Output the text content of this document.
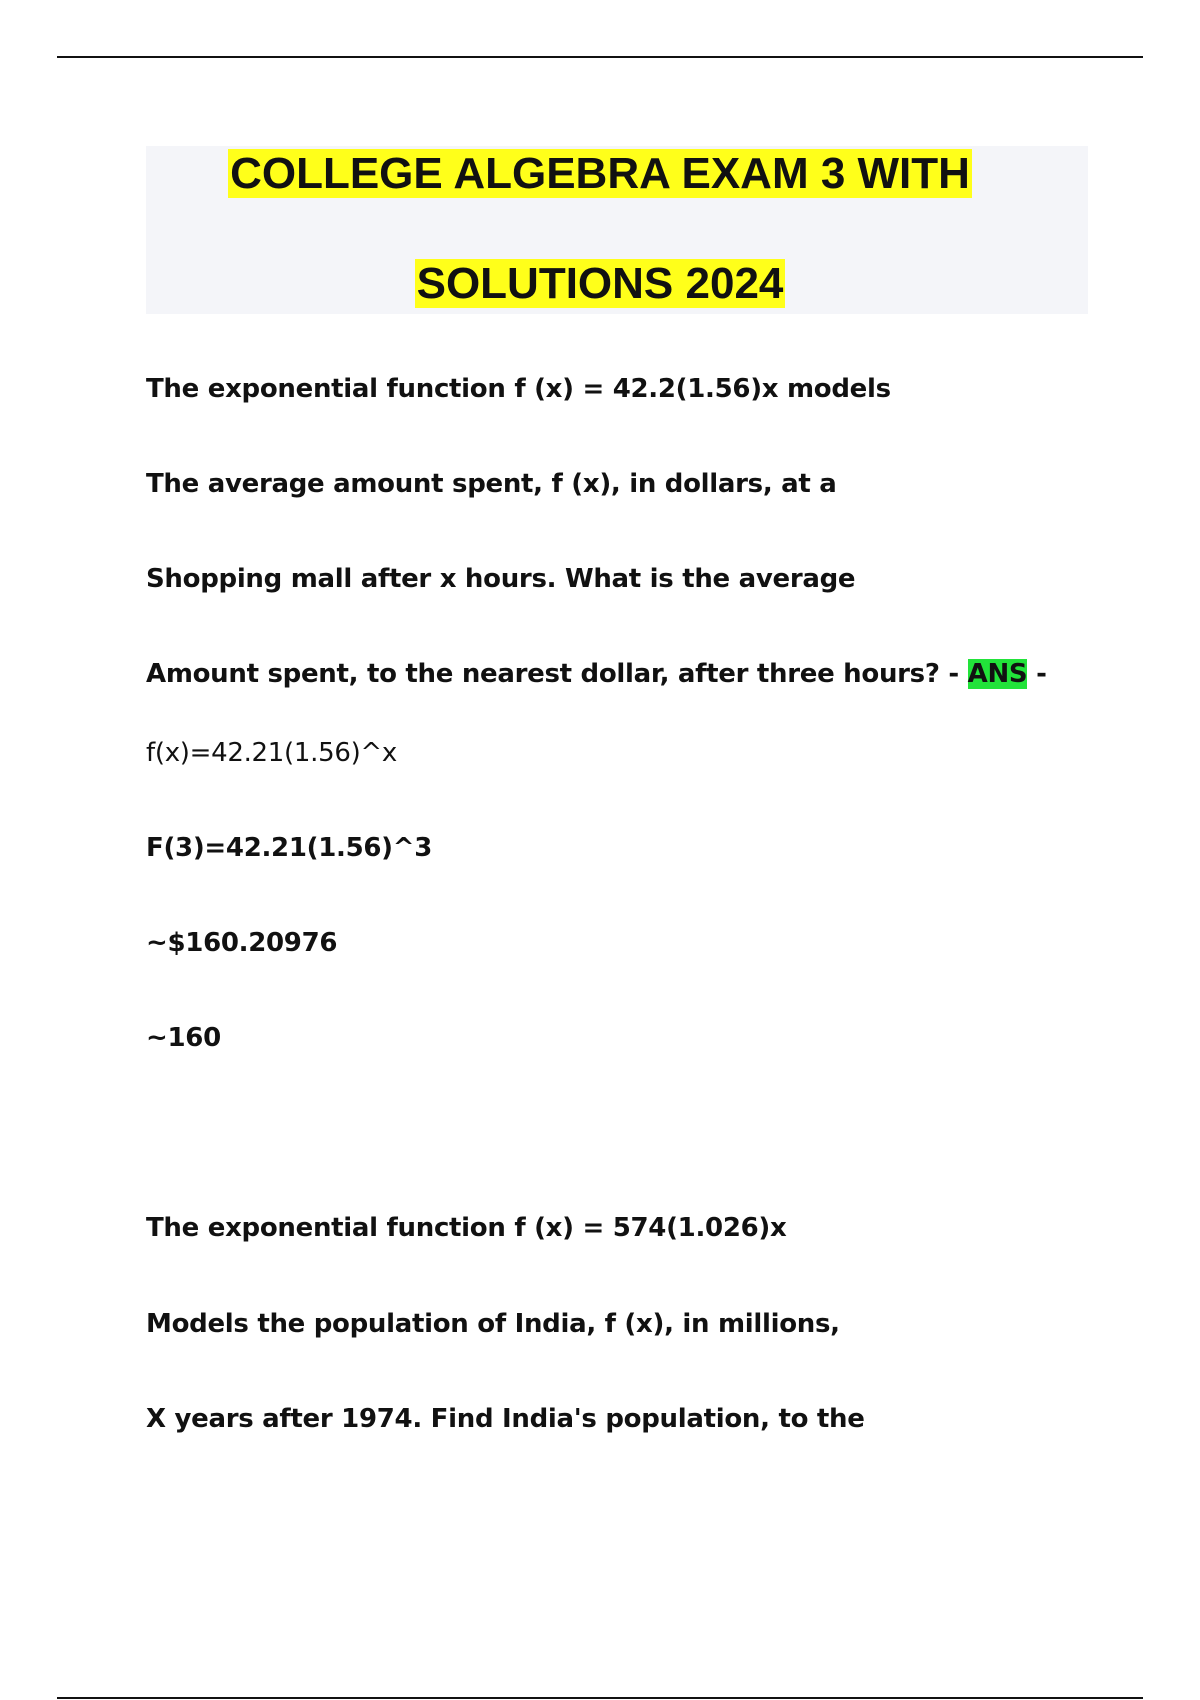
COLLEGE ALGEBRA EXAM 3 WITH
SOLUTIONS 2024
The exponential function f (x) = 42.2(1.56)x models
The average amount spent, f (x), in dollars, at a
Shopping mall after x hours. What is the average
Amount spent, to the nearest dollar, after three hours? - ANS -
f(x)=42.21(1.56)^x
F(3)=42.21(1.56)^3
~$160.20976
~160
The exponential function f (x) = 574(1.026)x
Models the population of India, f (x), in millions,
X years after 1974. Find India's population, to the
